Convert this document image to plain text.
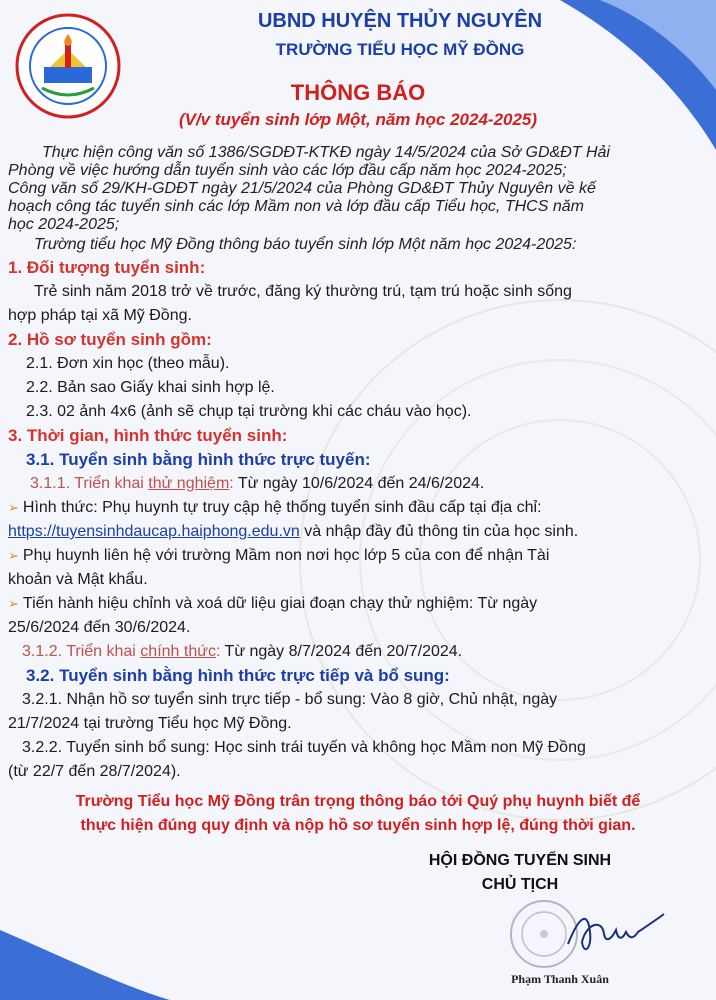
UBND HUYỆN THỦY NGUYÊN
TRƯỜNG TIỂU HỌC MỸ ĐỒNG
THÔNG BÁO
(V/v tuyển sinh lớp Một, năm học 2024-2025)
Thực hiện công văn số 1386/SGDĐT-KTKĐ ngày 14/5/2024 của Sở GD&ĐT Hải
Phòng về việc hướng dẫn tuyển sinh vào các lớp đầu cấp năm học 2024-2025;
Công văn số 29/KH-GDĐT ngày 21/5/2024 của Phòng GD&ĐT Thủy Nguyên về kế
hoạch công tác tuyển sinh các lớp Mầm non và lớp đầu cấp Tiểu học, THCS năm
học 2024-2025;
Trường tiểu học Mỹ Đồng thông báo tuyển sinh lớp Một năm học 2024-2025:
1. Đối tượng tuyển sinh:
Trẻ sinh năm 2018 trở về trước, đăng ký thường trú, tạm trú hoặc sinh sống
hợp pháp tại xã Mỹ Đồng.
2. Hồ sơ tuyển sinh gồm:
2.1. Đơn xin học (theo mẫu).
2.2. Bản sao Giấy khai sinh hợp lệ.
2.3. 02 ảnh 4x6 (ảnh sẽ chụp tại trường khi các cháu vào học).
3. Thời gian, hình thức tuyển sinh:
3.1. Tuyển sinh bằng hình thức trực tuyến:
3.1.1. Triển khai thử nghiệm: Từ ngày 10/6/2024 đến 24/6/2024.
➢ Hình thức: Phụ huynh tự truy cập hệ thống tuyển sinh đầu cấp tại địa chỉ:
https://tuyensinhdaucap.haiphong.edu.vn và nhập đầy đủ thông tin của học sinh.
➢ Phụ huynh liên hệ với trường Mầm non nơi học lớp 5 của con để nhận Tài
khoản và Mật khẩu.
➢ Tiến hành hiệu chỉnh và xoá dữ liệu giai đoạn chạy thử nghiệm: Từ ngày
25/6/2024 đến 30/6/2024.
3.1.2. Triển khai chính thức: Từ ngày 8/7/2024 đến 20/7/2024.
3.2. Tuyển sinh bằng hình thức trực tiếp và bổ sung:
3.2.1. Nhận hồ sơ tuyển sinh trực tiếp - bổ sung: Vào 8 giờ, Chủ nhật, ngày
21/7/2024 tại trường Tiểu học Mỹ Đồng.
3.2.2. Tuyển sinh bổ sung: Học sinh trái tuyến và không học Mầm non Mỹ Đồng
(từ 22/7 đến 28/7/2024).
Trường Tiểu học Mỹ Đồng trân trọng thông báo tới Quý phụ huynh biết để
thực hiện đúng quy định và nộp hồ sơ tuyển sinh hợp lệ, đúng thời gian.
HỘI ĐỒNG TUYỂN SINH
CHỦ TỊCH
Phạm Thanh Xuân
